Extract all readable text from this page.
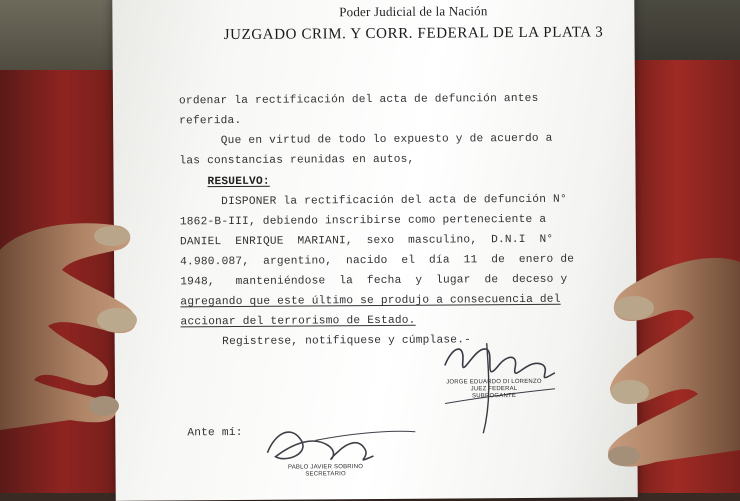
Poder Judicial de la Nación
JUZGADO CRIM. Y CORR. FEDERAL DE LA PLATA 3
ordenar la rectificación del acta de defunción antes
referida.
Que en virtud de todo lo expuesto y de acuerdo a
las constancias reunidas en autos,
RESUELVO:
DISPONER la rectificación del acta de defunción N°
1862-B-III, debiendo inscribirse como perteneciente a
DANIEL  ENRIQUE  MARIANI,  sexo  masculino,  D.N.I  N°
4.980.087,  argentino,  nacido  el  día  11  de  enero de
1948,   manteniéndose  la  fecha  y  lugar  de  deceso y
agregando que este último se produjo a consecuencia del
accionar del terrorismo de Estado.
Registrese, notifiquese y cúmplase.-
JORGE EDUARDO DI LORENZO
JUEZ FEDERAL
SUBROGANTE
Ante mí:
PABLO JAVIER SOBRINO
SECRETARIO
